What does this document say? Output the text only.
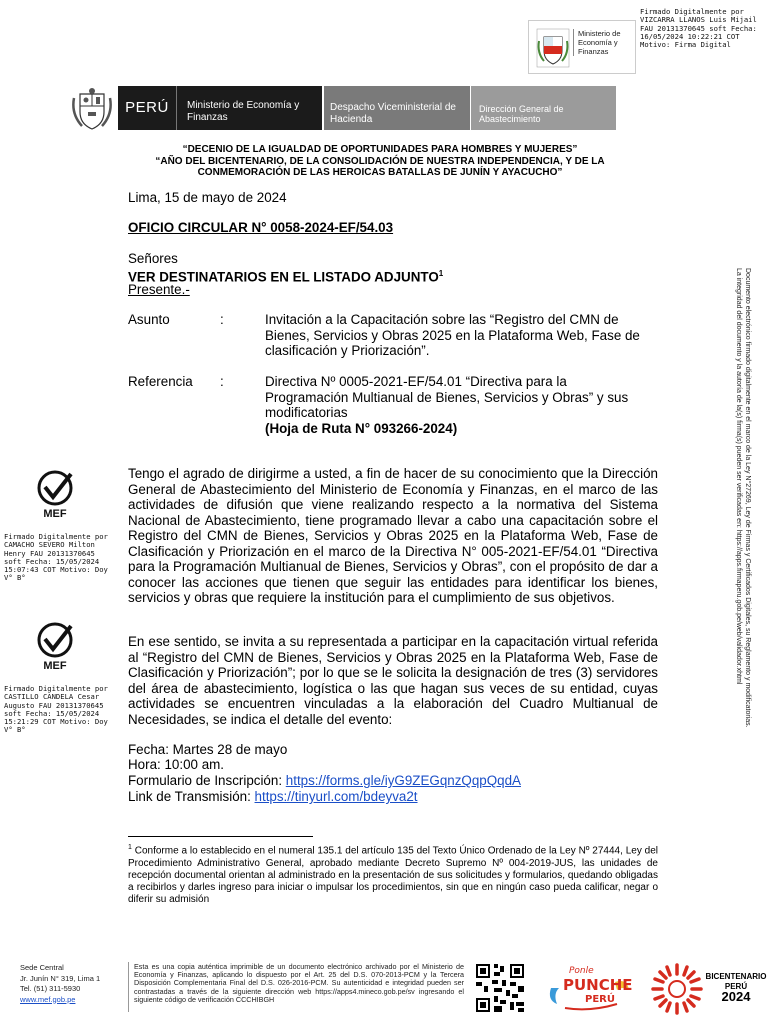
Ministerio de Economía y Finanzas
Firmado Digitalmente por VIZCARRA LLANOS Luis Mijail FAU 20131370645 soft Fecha: 16/05/2024 10:22:21 COT Motivo: Firma Digital
PERÚ	Ministerio de Economía y Finanzas
Despacho Viceministerial de Hacienda
Dirección General de Abastecimiento
“DECENIO DE LA IGUALDAD DE OPORTUNIDADES PARA HOMBRES Y MUJERES”
“AÑO DEL BICENTENARIO, DE LA CONSOLIDACIÓN DE NUESTRA INDEPENDENCIA, Y DE LA
CONMEMORACIÓN DE LAS HEROICAS BATALLAS DE JUNÍN Y AYACUCHO”
Lima, 15 de mayo de 2024
OFICIO CIRCULAR N° 0058-2024-EF/54.03
Señores
VER DESTINATARIOS EN EL LISTADO ADJUNTO$^1$
Presente.-
Asunto	:	Invitación a la Capacitación sobre las “Registro del CMN de Bienes, Servicios y Obras 2025 en la Plataforma Web, Fase de clasificación y Priorización”.
Referencia :	Directiva Nº 0005-2021-EF/54.01 “Directiva para la Programación Multianual de Bienes, Servicios y Obras” y sus modificatorias
(Hoja de Ruta N° 093266-2024)
Tengo el agrado de dirigirme a usted, a fin de hacer de su conocimiento que la Dirección General de Abastecimiento del Ministerio de Economía y Finanzas, en el marco de las actividades de difusión que viene realizando respecto a la normativa del Sistema Nacional de Abastecimiento, tiene programado llevar a cabo una capacitación sobre el Registro del CMN de Bienes, Servicios y Obras 2025 en la Plataforma Web, Fase de Clasificación y Priorización en el marco de la Directiva N° 005-2021-EF/54.01 “Directiva para la Programación Multianual de Bienes, Servicios y Obras”, con el propósito de dar a conocer las acciones que tienen que seguir las entidades para identificar los bienes, servicios y obras que requiere la institución para el cumplimiento de sus objetivos.
En ese sentido, se invita a su representada a participar en la capacitación virtual referida al “Registro del CMN de Bienes, Servicios y Obras 2025 en la Plataforma Web, Fase de Clasificación y Priorización”; por lo que se le solicita la designación de tres (3) servidores del área de abastecimiento, logística o las que hagan sus veces de su entidad, cuyas actividades se encuentren vinculadas a la elaboración del Cuadro Multianual de Necesidades, se indica el detalle del evento:
Fecha: Martes 28 de mayo
Hora: 10:00 am.
Formulario de Inscripción: https://forms.gle/iyG9ZEGqnzQqpQqdA
Link de Transmisión: https://tinyurl.com/bdeyva2t
$^1$ Conforme a lo establecido en el numeral 135.1 del artículo 135 del Texto Único Ordenado de la Ley Nº 27444, Ley del Procedimiento Administrativo General, aprobado mediante Decreto Supremo Nº 004-2019-JUS, las unidades de recepción documental orientan al administrado en la presentación de sus solicitudes y formularios, quedando obligadas a recibirlos y darles ingreso para iniciar o impulsar los procedimientos, sin que en ningún caso pueda calificar, negar o diferir su admisión
MEF
Firmado Digitalmente por CAMACHO SEVERO Milton Henry FAU 20131370645 soft Fecha: 15/05/2024 15:07:43 COT Motivo: Doy V° B°
MEF
Firmado Digitalmente por CASTILLO CANDELA Cesar Augusto FAU 20131370645 soft Fecha: 15/05/2024 15:21:29 COT Motivo: Doy V° B°
Documento electrónico firmado digitalmente en el marco de la Ley N°27269, Ley de Firmas y Certificados Digitales, su Reglamento y modificatorias.
La integridad del documento y la autoría de la(s) firma(s) pueden ser verificadas en: https://apps.firmaperu.gob.pe/web/validador.xhtml
Sede Central
Jr. Junín N° 319, Lima 1
Tel. (51) 311-5930
www.mef.gob.pe
Esta es una copia auténtica imprimible de un documento electrónico archivado por el Ministerio de Economía y Finanzas, aplicando lo dispuesto por el Art. 25 del D.S. 070-2013-PCM y la Tercera Disposición Complementaria Final del D.S. 026-2016-PCM. Su autenticidad e integridad pueden ser contrastadas a través de la siguiente dirección web https://apps4.mineco.gob.pe/sv ingresando el siguiente código de verificación CCCHIBGH
Ponle
PUNCHE
PERÚ
BICENTENARIO
PERÚ
2024
